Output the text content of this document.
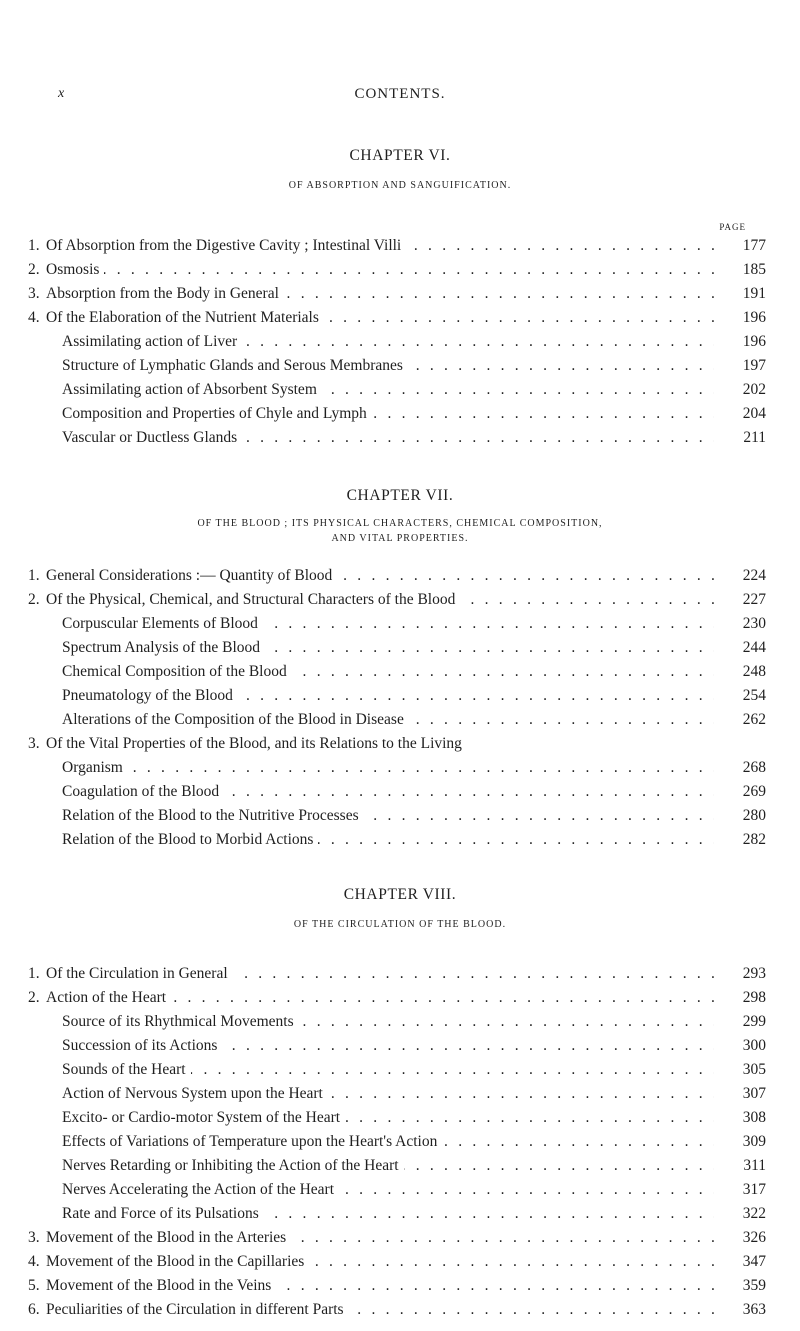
x	CONTENTS.

CHAPTER VI.

OF ABSORPTION AND SANGUIFICATION.

PAGE
1. Of Absorption from the Digestive Cavity ; Intestinal Villi . . .	177
2. Osmosis . . .	185
3. Absorption from the Body in General . . .	191
4. Of the Elaboration of the Nutrient Materials . . .	196
Assimilating action of Liver . . .	196
Structure of Lymphatic Glands and Serous Membranes . . .	197
Assimilating action of Absorbent System . . .	202
Composition and Properties of Chyle and Lymph . . .	204
Vascular or Ductless Glands . . .	211

CHAPTER VII.

OF THE BLOOD ; ITS PHYSICAL CHARACTERS, CHEMICAL COMPOSITION,

AND VITAL PROPERTIES.

1. General Considerations :— Quantity of Blood . . .	224
2. Of the Physical, Chemical, and Structural Characters of the Blood . . .	227
Corpuscular Elements of Blood . . .	230
Spectrum Analysis of the Blood . . .	244
Chemical Composition of the Blood . . .	248
Pneumatology of the Blood . . .	254
Alterations of the Composition of the Blood in Disease . . .	262
3. Of the Vital Properties of the Blood, and its Relations to the Living
Organism . . .	268
Coagulation of the Blood . . .	269
Relation of the Blood to the Nutritive Processes . . .	280
Relation of the Blood to Morbid Actions . . .	282

CHAPTER VIII.

OF THE CIRCULATION OF THE BLOOD.

1. Of the Circulation in General . . .	293
2. Action of the Heart . . .	298
Source of its Rhythmical Movements . . .	299
Succession of its Actions . . .	300
Sounds of the Heart . . .	305
Action of Nervous System upon the Heart . . .	307
Excito- or Cardio-motor System of the Heart . . .	308
Effects of Variations of Temperature upon the Heart's Action . . .	309
Nerves Retarding or Inhibiting the Action of the Heart . . .	311
Nerves Accelerating the Action of the Heart . . .	317
Rate and Force of its Pulsations . . .	322
3. Movement of the Blood in the Arteries . . .	326
4. Movement of the Blood in the Capillaries . . .	347
5. Movement of the Blood in the Veins . . .	359
6. Peculiarities of the Circulation in different Parts . . .	363
